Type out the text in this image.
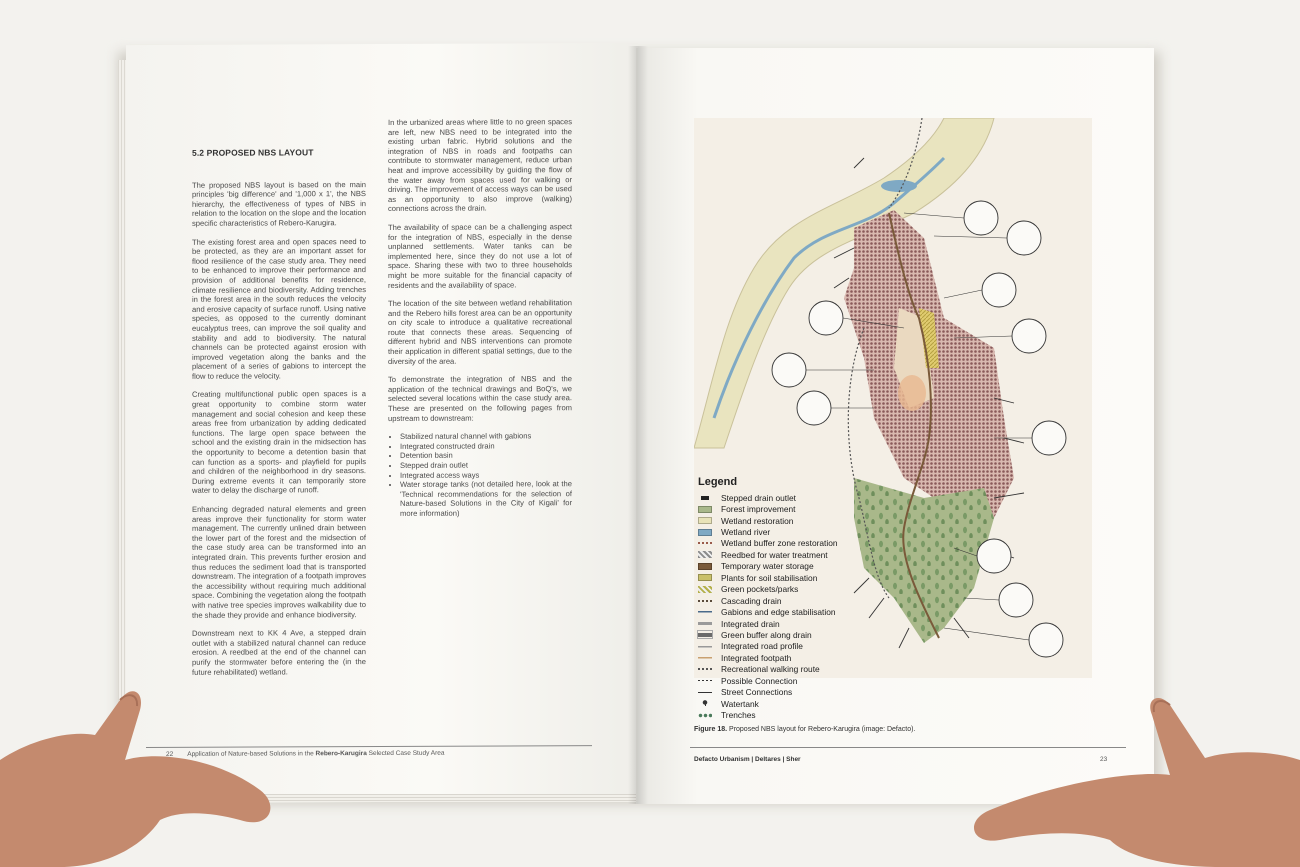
5.2 PROPOSED NBS LAYOUT

The proposed NBS layout is based on the main principles 'big difference' and '1,000 x 1', the NBS hierarchy, the effectiveness of types of NBS in relation to the location on the slope and the location specific characteristics of Rebero-Karugira.

The existing forest area and open spaces need to be protected, as they are an important asset for flood resilience of the case study area. They need to be enhanced to improve their performance and provision of additional benefits for residence, climate resilience and biodiversity. Adding trenches in the forest area in the south reduces the velocity and erosive capacity of surface runoff. Using native species, as opposed to the currently dominant eucalyptus trees, can improve the soil quality and stability and add to biodiversity. The natural channels can be protected against erosion with improved vegetation along the banks and the placement of a series of gabions to intercept the flow to reduce the velocity.

Creating multifunctional public open spaces is a great opportunity to combine storm water management and social cohesion and keep these areas free from urbanization by adding dedicated functions. The large open space between the school and the existing drain in the midsection has the opportunity to become a detention basin that can function as a sports- and playfield for pupils and children of the neighborhood in dry seasons. During extreme events it can temporarily store water to delay the discharge of runoff.

Enhancing degraded natural elements and green areas improve their functionality for storm water management. The currently unlined drain between the lower part of the forest and the midsection of the case study area can be transformed into an integrated drain. This prevents further erosion and thus reduces the sediment load that is transported downstream. The integration of a footpath improves the accessibility without requiring much additional space. Combining the vegetation along the footpath with native tree species improves walkability due to the shade they provide and enhance biodiversity.

Downstream next to KK 4 Ave, a stepped drain outlet with a stabilized natural channel can reduce erosion. A reedbed at the end of the channel can purify the stormwater before entering the (in the future rehabilitated) wetland.

In the urbanized areas where little to no green spaces are left, new NBS need to be integrated into the existing urban fabric. Hybrid solutions and the integration of NBS in roads and footpaths can contribute to stormwater management, reduce urban heat and improve accessibility by guiding the flow of the water away from spaces used for walking or driving. The improvement of access ways can be used as an opportunity to also improve (walking) connections across the drain.

The availability of space can be a challenging aspect for the integration of NBS, especially in the dense unplanned settlements. Water tanks can be implemented here, since they do not use a lot of space. Sharing these with two to three households might be more suitable for the financial capacity of residents and the availability of space.

The location of the site between wetland rehabilitation and the Rebero hills forest area can be an opportunity on city scale to introduce a qualitative recreational route that connects these areas. Sequencing of different hybrid and NBS interventions can promote their application in different spatial settings, due to the diversity of the area.

To demonstrate the integration of NBS and the application of the technical drawings and BoQ's, we selected several locations within the case study area. These are presented on the following pages from upstream to downstream:

• Stabilized natural channel with gabions
• Integrated constructed drain
• Detention basin
• Stepped drain outlet
• Integrated access ways
• Water storage tanks (not detailed here, look at the 'Technical recommendations for the selection of Nature-based Solutions in the City of Kigali' for more information)
22 Application of Nature-based Solutions in the Rebero-Karugira Selected Case Study Area
Legend
Stepped drain outlet
Forest improvement
Wetland restoration
Wetland river
Wetland buffer zone restoration
Reedbed for water treatment
Temporary water storage
Plants for soil stabilisation
Green pockets/parks
Cascading drain
Gabions and edge stabilisation
Integrated drain
Green buffer along drain
Integrated road profile
Integrated footpath
Recreational walking route
Possible Connection
Street Connections
Watertank
Trenches
Figure 18. Proposed NBS layout for Rebero-Karugira (image: Defacto).
Defacto Urbanism | Deltares | Sher	23
